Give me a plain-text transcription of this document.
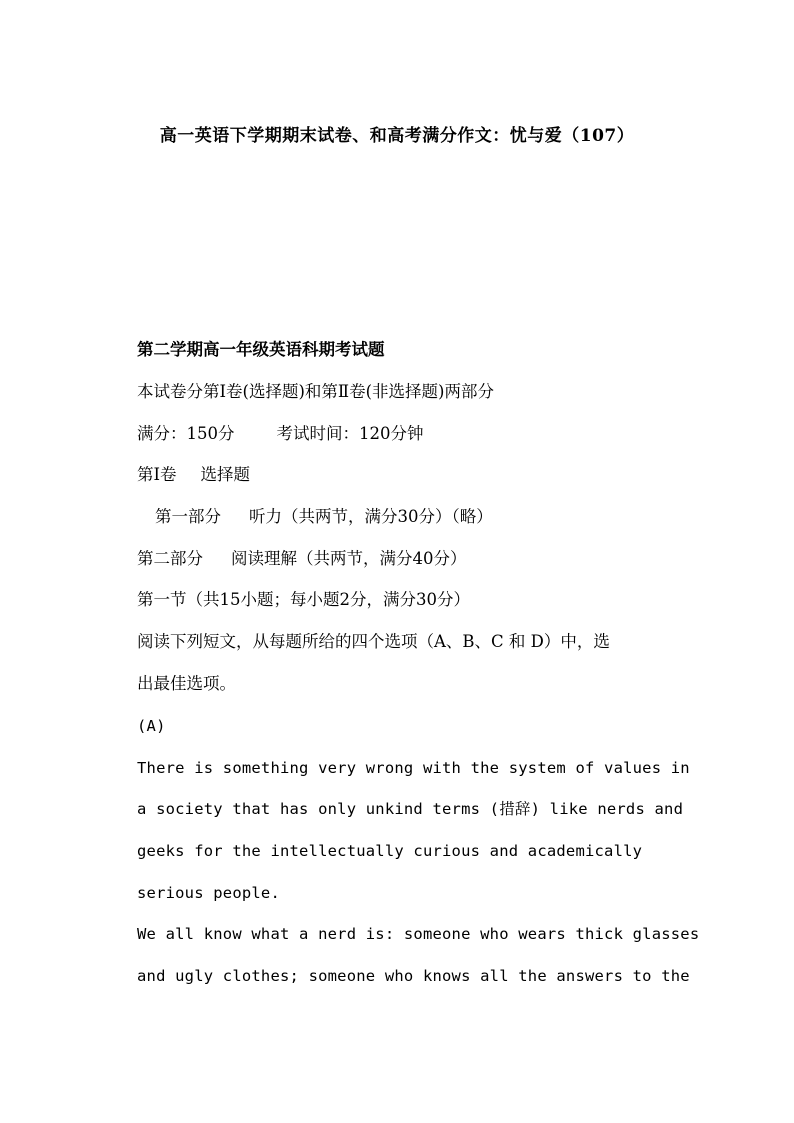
高一英语下学期期末试卷、和高考满分作文：忧与爱（107）
第二学期高一年级英语科期考试题
本试卷分第Ⅰ卷(选择题)和第Ⅱ卷(非选择题)两部分
满分：150分	考试时间：120分钟
第Ⅰ卷 选择题
第一部分 听力（共两节，满分30分）（略）
第二部分 阅读理解（共两节，满分40分）
第一节（共15小题；每小题2分，满分30分）
阅读下列短文，从每题所给的四个选项（A、B、C 和 D）中，选
出最佳选项。
(A)
There is something very wrong with the system of values in
a society that has only unkind terms (措辞) like nerds and
geeks for the intellectually curious and academically
serious people.
We all know what a nerd is: someone who wears thick glasses
and ugly clothes; someone who knows all the answers to the
